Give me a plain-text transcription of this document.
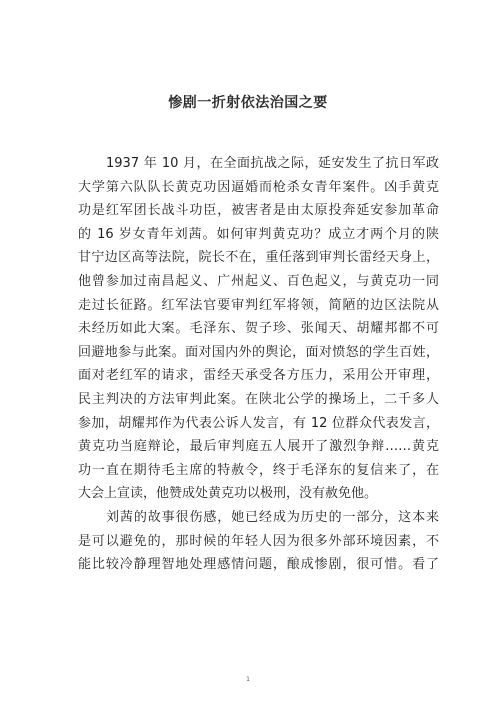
惨剧一折射依法治国之要
1937 年 10 月，在全面抗战之际，延安发生了抗日军政
大学第六队队长黄克功因逼婚而枪杀女青年案件。凶手黄克
功是红军团长战斗功臣，被害者是由太原投奔延安参加革命
的 16 岁女青年刘茜。如何审判黄克功？成立才两个月的陕
甘宁边区高等法院，院长不在，重任落到审判长雷经天身上，
他曾参加过南昌起义、广州起义、百色起义，与黄克功一同
走过长征路。红军法官要审判红军将领，简陋的边区法院从
未经历如此大案。毛泽东、贺子珍、张闻天、胡耀邦都不可
回避地参与此案。面对国内外的舆论，面对愤怒的学生百姓，
面对老红军的请求，雷经天承受各方压力，采用公开审理，
民主判决的方法审判此案。在陕北公学的操场上，二千多人
参加，胡耀邦作为代表公诉人发言，有 12 位群众代表发言，
黄克功当庭辩论，最后审判庭五人展开了激烈争辩……黄克
功一直在期待毛主席的特赦令，终于毛泽东的复信来了，在
大会上宣读，他赞成处黄克功以极刑，没有赦免他。
刘茜的故事很伤感，她已经成为历史的一部分，这本来
是可以避免的，那时候的年轻人因为很多外部环境因素，不
能比较冷静理智地处理感情问题，酿成惨剧，很可惜。看了
1
